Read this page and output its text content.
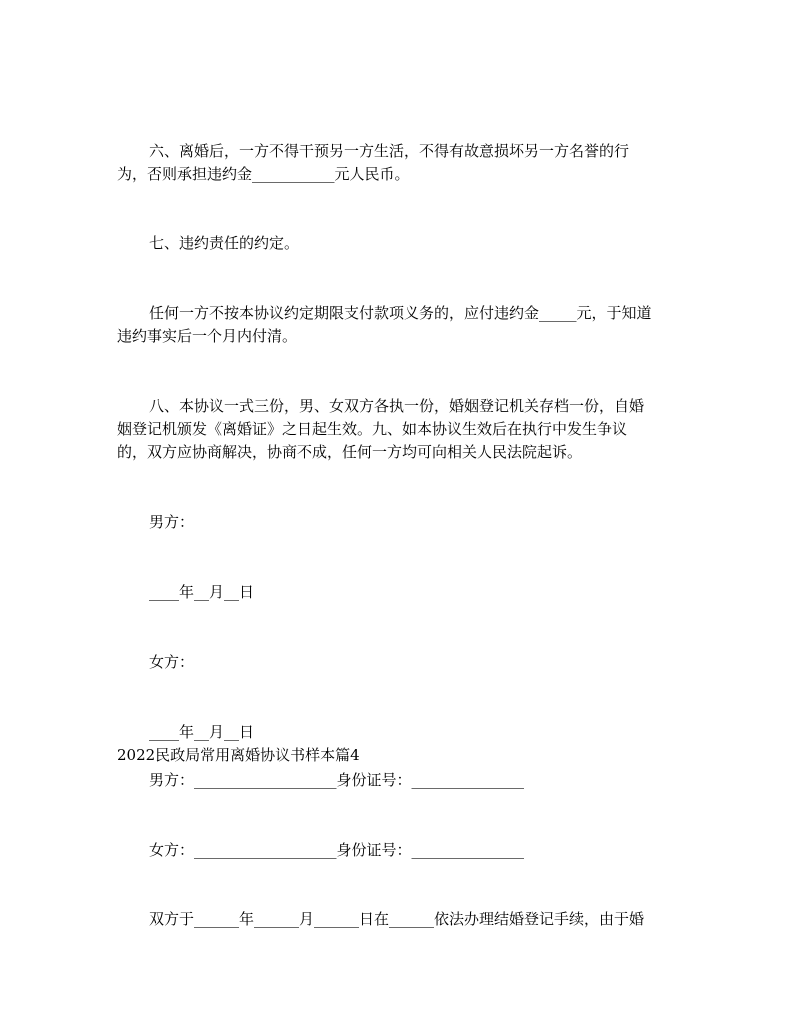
六、离婚后，一方不得干预另一方生活，不得有故意损坏另一方名誉的行
为，否则承担违约金___________元人民币。
七、违约责任的约定。
任何一方不按本协议约定期限支付款项义务的，应付违约金_____元，于知道
违约事实后一个月内付清。
八、本协议一式三份，男、女双方各执一份，婚姻登记机关存档一份，自婚
姻登记机颁发《离婚证》之日起生效。九、如本协议生效后在执行中发生争议
的，双方应协商解决，协商不成，任何一方均可向相关人民法院起诉。
男方：
____年__月__日
女方：
____年__月__日
2022民政局常用离婚协议书样本篇4
男方：___________________身份证号：_______________
女方：___________________身份证号：_______________
双方于______年______月______日在______依法办理结婚登记手续，由于婚
